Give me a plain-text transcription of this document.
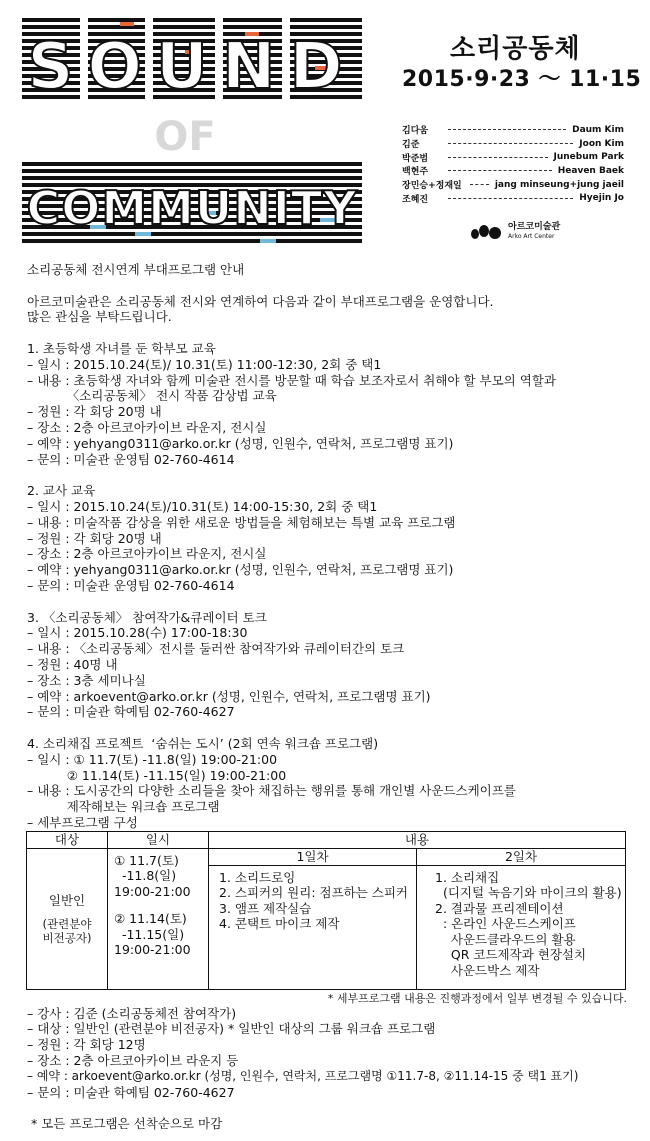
SOUND
OF
COMMUNITY
소리공동체
2015·9·23 ～ 11·15
김다움	Daum Kim
김준	Joon Kim
박준범	Junebum Park
백현주	Heaven Baek
장민승+정재일	jang minseung+jung jaeil
조혜진	Hyejin Jo
아르코미술관
Arko Art Center
소리공동체 전시연계 부대프로그램 안내
아르코미술관은 소리공동체 전시와 연계하여 다음과 같이 부대프로그램을 운영합니다.
많은 관심을 부탁드립니다.
1. 초등학생 자녀를 둔 학부모 교육
– 일시 : 2015.10.24(토)/ 10.31(토) 11:00-12:30, 2회 중 택1
– 내용 : 초등학생 자녀와 함께 미술관 전시를 방문할 때 학습 보조자로서 취해야 할 부모의 역할과
〈소리공동체〉 전시 작품 감상법 교육
– 정원 : 각 회당 20명 내
– 장소 : 2층 아르코아카이브 라운지, 전시실
– 예약 : yehyang0311@arko.or.kr (성명, 인원수, 연락처, 프로그램명 표기)
– 문의 : 미술관 운영팀 02-760-4614
2. 교사 교육
– 일시 : 2015.10.24(토)/10.31(토) 14:00-15:30, 2회 중 택1
– 내용 : 미술작품 감상을 위한 새로운 방법들을 체험해보는 특별 교육 프로그램
– 정원 : 각 회당 20명 내
– 장소 : 2층 아르코아카이브 라운지, 전시실
– 예약 : yehyang0311@arko.or.kr (성명, 인원수, 연락처, 프로그램명 표기)
– 문의 : 미술관 운영팀 02-760-4614
3. 〈소리공동체〉 참여작가&큐레이터 토크
– 일시 : 2015.10.28(수) 17:00-18:30
– 내용 : 〈소리공동체〉전시를 둘러싼 참여작가와 큐레이터간의 토크
– 정원 : 40명 내
– 장소 : 3층 세미나실
– 예약 : arkoevent@arko.or.kr (성명, 인원수, 연락처, 프로그램명 표기)
– 문의 : 미술관 학예팀 02-760-4627
4. 소리채집 프로젝트  ‘숨쉬는 도시’ (2회 연속 워크숍 프로그램)
– 일시 : ① 11.7(토) -11.8(일) 19:00-21:00
② 11.14(토) -11.15(일) 19:00-21:00
– 내용 : 도시공간의 다양한 소리들을 찾아 채집하는 행위를 통해 개인별 사운드스케이프를
제작해보는 워크숍 프로그램
– 세부프로그램 구성
대상	일시	내용

일반인
(관련분야
비전공자)

① 11.7(토)
-11.8(일)
19:00-21:00
② 11.14(토)
-11.15(일)
19:00-21:00

1일차	2일차

1. 소리드로잉
2. 스피커의 원리: 점프하는 스피커
3. 앰프 제작실습
4. 콘택트 마이크 제작

1. 소리채집
(디지털 녹음기와 마이크의 활용)
2. 결과물 프리젠테이션
: 온라인 사운드스케이프
사운드클라우드의 활용
QR 코드제작과 현장설치
사운드박스 제작
* 세부프로그램 내용은 진행과정에서 일부 변경될 수 있습니다.
– 강사 : 김준 (소리공동체전 참여작가)
– 대상 : 일반인 (관련분야 비전공자) * 일반인 대상의 그룹 워크숍 프로그램
– 정원 : 각 회당 12명
– 장소 : 2층 아르코아카이브 라운지 등
– 예약 : arkoevent@arko.or.kr (성명, 인원수, 연락처, 프로그램명 ①11.7-8, ②11.14-15 중 택1 표기)
– 문의 : 미술관 학예팀 02-760-4627
* 모든 프로그램은 선착순으로 마감
